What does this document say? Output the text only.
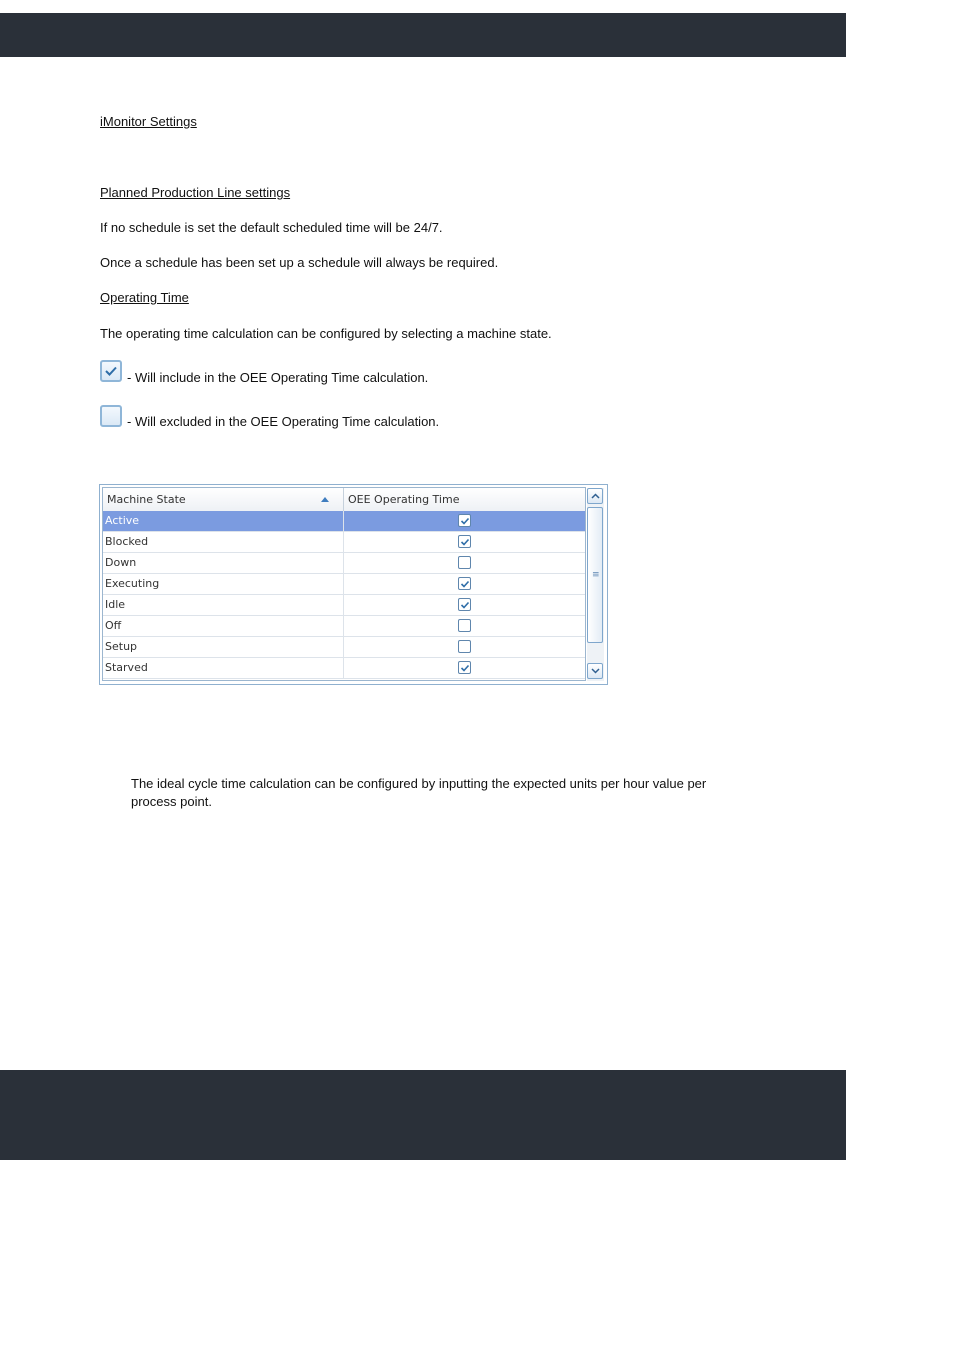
iMonitor Settings
Planned Production Line settings
If no schedule is set the default scheduled time will be 24/7.
Once a schedule has been set up a schedule will always be required.
Operating Time
The operating time calculation can be configured by selecting a machine state.
- Will include in the OEE Operating Time calculation.
- Will excluded in the OEE Operating Time calculation.
Machine State	OEE Operating Time
Active
Blocked
Down
Executing
Idle
Off
Setup
Starved
≡
The ideal cycle time calculation can be configured by inputting the expected units per hour value per process point.
